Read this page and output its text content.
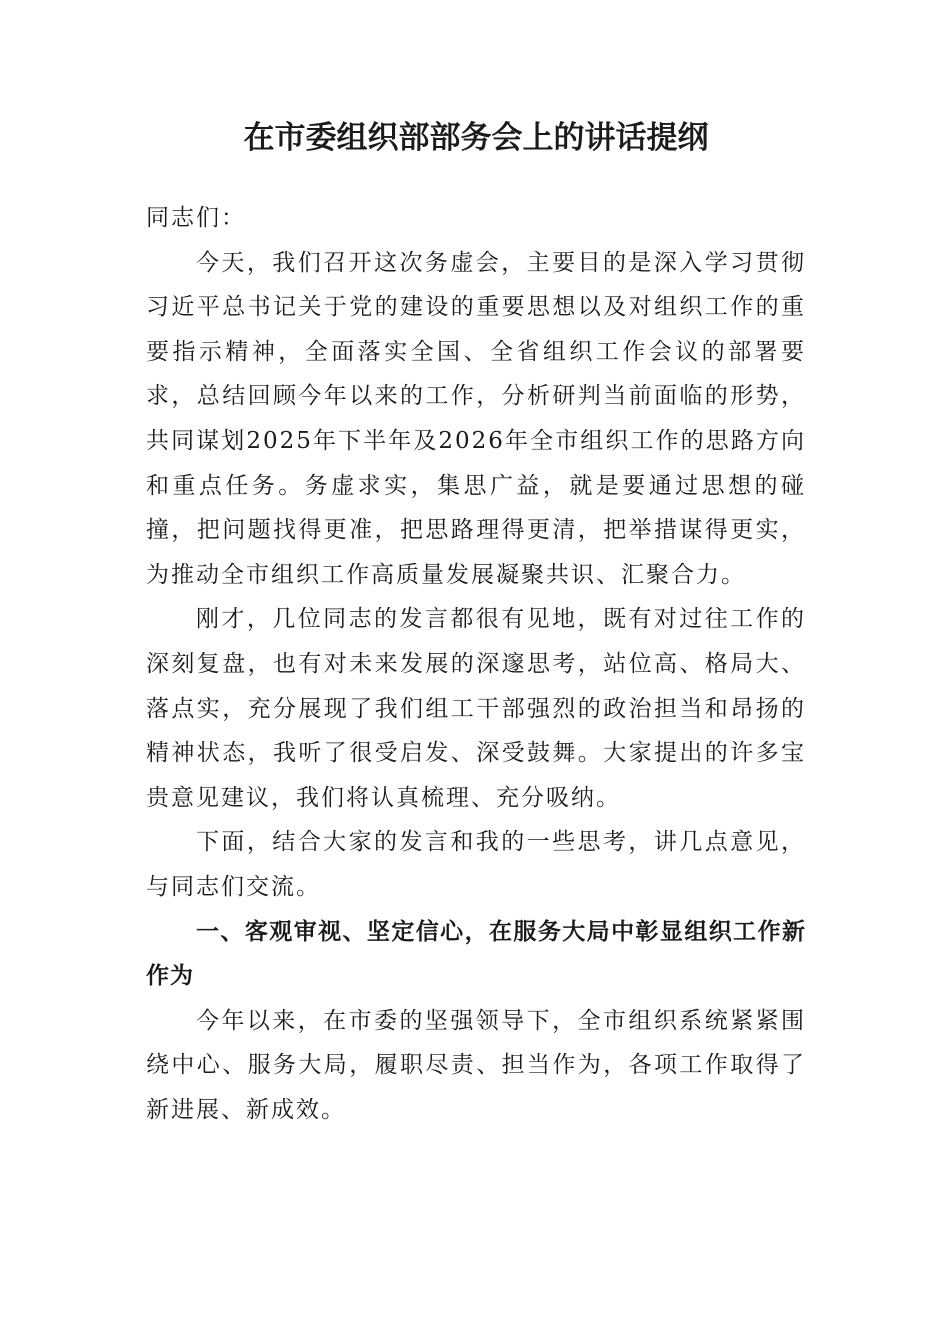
在市委组织部部务会上的讲话提纲

同志们：

今天，我们召开这次务虚会，主要目的是深入学习贯彻习近平总书记关于党的建设的重要思想以及对组织工作的重要指示精神，全面落实全国、全省组织工作会议的部署要求，总结回顾今年以来的工作，分析研判当前面临的形势，共同谋划2025年下半年及2026年全市组织工作的思路方向和重点任务。务虚求实，集思广益，就是要通过思想的碰撞，把问题找得更准，把思路理得更清，把举措谋得更实，为推动全市组织工作高质量发展凝聚共识、汇聚合力。

刚才，几位同志的发言都很有见地，既有对过往工作的深刻复盘，也有对未来发展的深邃思考，站位高、格局大、落点实，充分展现了我们组工干部强烈的政治担当和昂扬的精神状态，我听了很受启发、深受鼓舞。大家提出的许多宝贵意见建议，我们将认真梳理、充分吸纳。

下面，结合大家的发言和我的一些思考，讲几点意见，与同志们交流。

一、客观审视、坚定信心，在服务大局中彰显组织工作新作为

今年以来，在市委的坚强领导下，全市组织系统紧紧围绕中心、服务大局，履职尽责、担当作为，各项工作取得了新进展、新成效。
